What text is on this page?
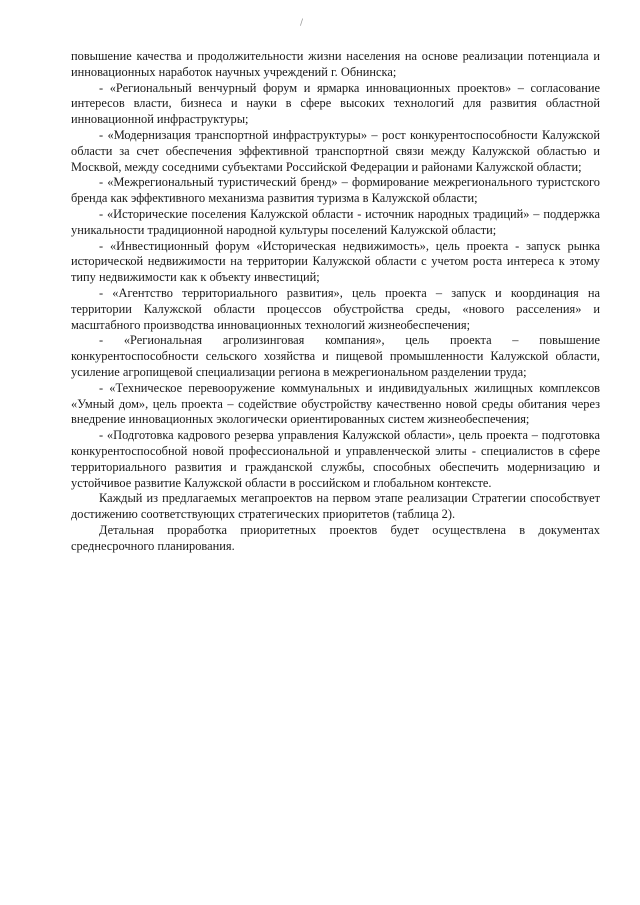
/

повышение качества и продолжительности жизни населения на основе реализации потенциала и инновационных наработок научных учреждений г. Обнинска;

- «Региональный венчурный форум и ярмарка инновационных проектов» – согласование интересов власти, бизнеса и науки в сфере высоких технологий для развития областной инновационной инфраструктуры;

- «Модернизация транспортной инфраструктуры» – рост конкурентоспособности Калужской области за счет обеспечения эффективной транспортной связи между Калужской областью и Москвой, между соседними субъектами Российской Федерации и районами Калужской области;

- «Межрегиональный туристический бренд» – формирование межрегионального туристского бренда как эффективного механизма развития туризма в Калужской области;

- «Исторические поселения Калужской области - источник народных традиций» – поддержка уникальности традиционной народной культуры поселений Калужской области;

- «Инвестиционный форум «Историческая недвижимость», цель проекта - запуск рынка исторической недвижимости на территории Калужской области с учетом роста интереса к этому типу недвижимости как к объекту инвестиций;

- «Агентство территориального развития», цель проекта – запуск и координация на территории Калужской области процессов обустройства среды, «нового расселения» и масштабного производства инновационных технологий жизнеобеспечения;

- «Региональная агролизинговая компания», цель проекта – повышение конкурентоспособности сельского хозяйства и пищевой промышленности Калужской области, усиление агропищевой специализации региона в межрегиональном разделении труда;

- «Техническое перевооружение коммунальных и индивидуальных жилищных комплексов «Умный дом», цель проекта – содействие обустройству качественно новой среды обитания через внедрение инновационных экологически ориентированных систем жизнеобеспечения;

- «Подготовка кадрового резерва управления Калужской области», цель проекта – подготовка конкурентоспособной новой профессиональной и управленческой элиты - специалистов в сфере территориального развития и гражданской службы, способных обеспечить модернизацию и устойчивое развитие Калужской области в российском и глобальном контексте.

Каждый из предлагаемых мегапроектов на первом этапе реализации Стратегии способствует достижению соответствующих стратегических приоритетов (таблица 2).

Детальная проработка приоритетных проектов будет осуществлена в документах среднесрочного планирования.
